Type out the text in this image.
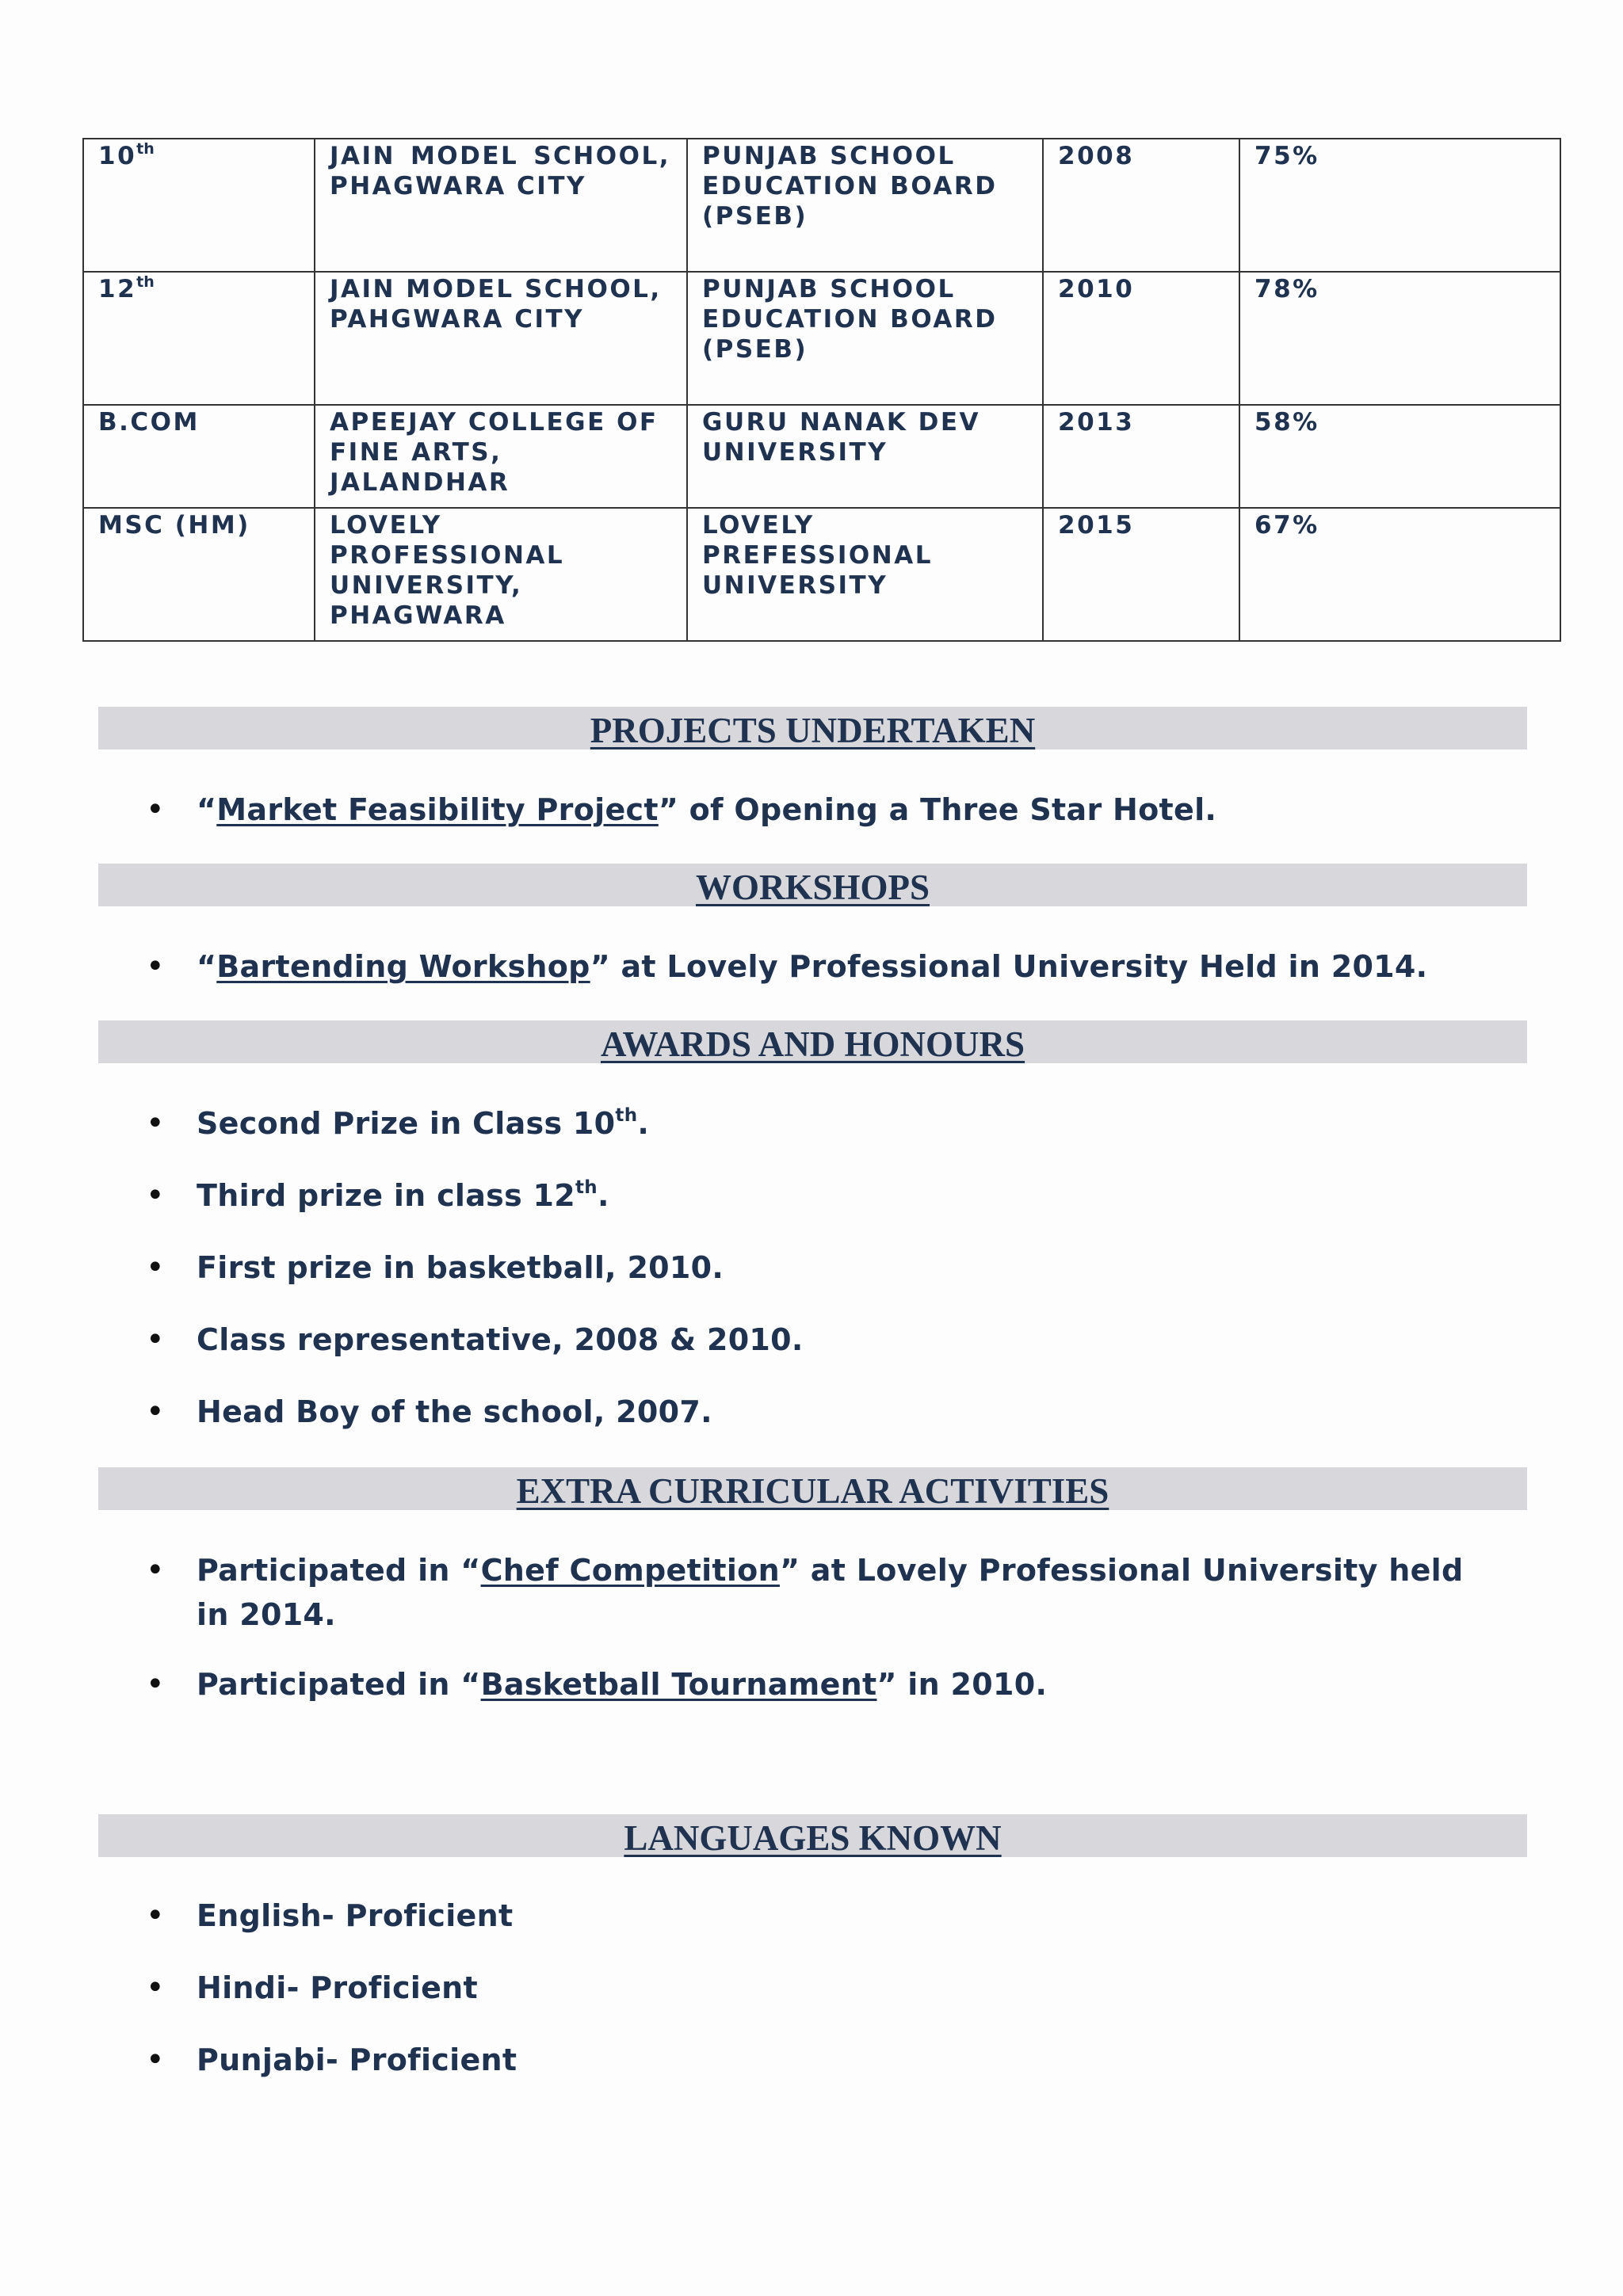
10th	JAIN MODEL SCHOOL, PHAGWARA CITY	PUNJAB SCHOOL EDUCATION BOARD (PSEB)	2008	75%
12th	JAIN MODEL SCHOOL, PAHGWARA CITY	PUNJAB SCHOOL EDUCATION BOARD (PSEB)	2010	78%
B.COM	APEEJAY COLLEGE OF FINE ARTS, JALANDHAR	GURU NANAK DEV UNIVERSITY	2013	58%
MSC (HM)	LOVELY PROFESSIONAL UNIVERSITY, PHAGWARA	LOVELY PREFESSIONAL UNIVERSITY	2015	67%
PROJECTS UNDERTAKEN
• “Market Feasibility Project” of Opening a Three Star Hotel.
WORKSHOPS
• “Bartending Workshop” at Lovely Professional University Held in 2014.
AWARDS AND HONOURS
• Second Prize in Class 10th.
• Third prize in class 12th.
• First prize in basketball, 2010.
• Class representative, 2008 & 2010.
• Head Boy of the school, 2007.
EXTRA CURRICULAR ACTIVITIES
• Participated in “Chef Competition” at Lovely Professional University held in 2014.
• Participated in “Basketball Tournament” in 2010.
LANGUAGES KNOWN
• English- Proficient
• Hindi- Proficient
• Punjabi- Proficient
